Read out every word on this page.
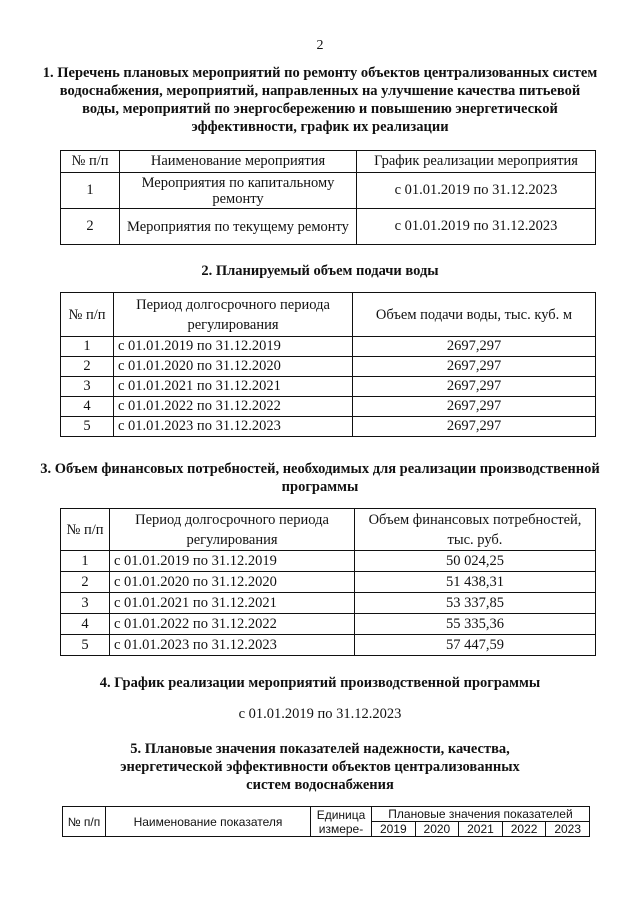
2
1. Перечень плановых мероприятий по ремонту объектов централизованных систем водоснабжения, мероприятий, направленных на улучшение качества питьевой воды, мероприятий по энергосбережению и повышению энергетической эффективности, график их реализации
№ п/п	Наименование мероприятия	График реализации мероприятия
1	Мероприятия по капитальному ремонту	с 01.01.2019 по 31.12.2023
2	Мероприятия по текущему ремонту	с 01.01.2019 по 31.12.2023
2. Планируемый объем подачи воды
№ п/п	Период долгосрочного периода регулирования	Объем подачи воды, тыс. куб. м
1	с 01.01.2019 по 31.12.2019	2697,297
2	с 01.01.2020 по 31.12.2020	2697,297
3	с 01.01.2021 по 31.12.2021	2697,297
4	с 01.01.2022 по 31.12.2022	2697,297
5	с 01.01.2023 по 31.12.2023	2697,297
3. Объем финансовых потребностей, необходимых для реализации производственной программы
№ п/п	Период долгосрочного периода регулирования	Объем финансовых потребностей, тыс. руб.
1	с 01.01.2019 по 31.12.2019	50 024,25
2	с 01.01.2020 по 31.12.2020	51 438,31
3	с 01.01.2021 по 31.12.2021	53 337,85
4	с 01.01.2022 по 31.12.2022	55 335,36
5	с 01.01.2023 по 31.12.2023	57 447,59
4. График реализации мероприятий производственной программы
с 01.01.2019 по 31.12.2023
5. Плановые значения показателей надежности, качества, энергетической эффективности объектов централизованных систем водоснабжения
№ п/п	Наименование показателя	Единица измере-	Плановые значения показателей				
			2019	2020	2021	2022	2023
